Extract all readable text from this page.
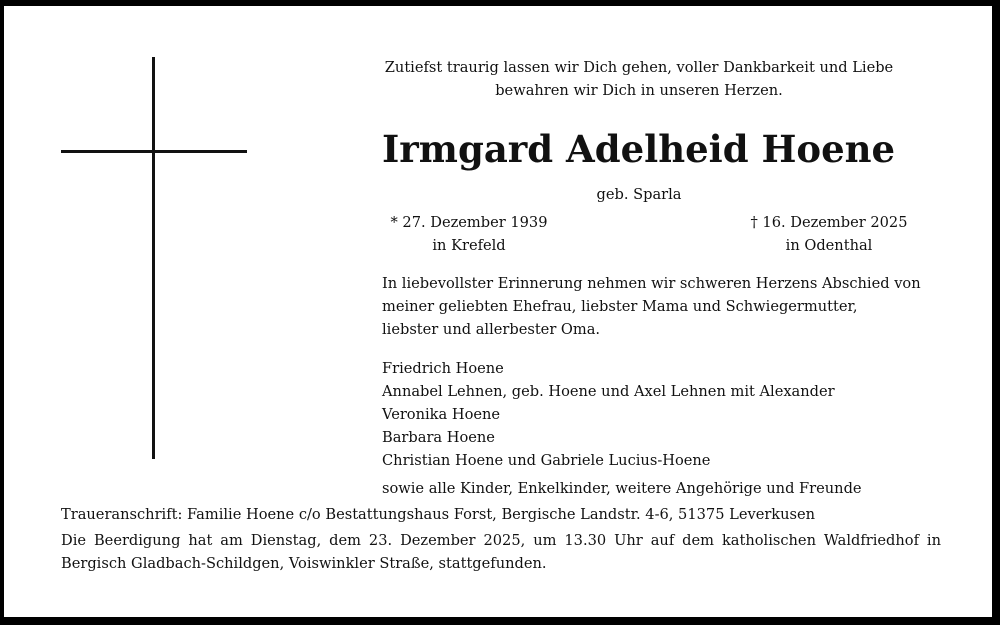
Zutiefst traurig lassen wir Dich gehen, voller Dankbarkeit und Liebe
bewahren wir Dich in unseren Herzen.
Irmgard Adelheid Hoene
geb. Sparla
* 27. Dezember 1939
in Krefeld
† 16. Dezember 2025
in Odenthal
In liebevollster Erinnerung nehmen wir schweren Herzens Abschied von
meiner geliebten Ehefrau, liebster Mama und Schwiegermutter,
liebster und allerbester Oma.
Friedrich Hoene
Annabel Lehnen, geb. Hoene und Axel Lehnen mit Alexander
Veronika Hoene
Barbara Hoene
Christian Hoene und Gabriele Lucius-Hoene
sowie alle Kinder, Enkelkinder, weitere Angehörige und Freunde
Traueranschrift: Familie Hoene c/o Bestattungshaus Forst, Bergische Landstr. 4-6, 51375 Leverkusen
Die Beerdigung hat am Dienstag, dem 23. Dezember 2025, um 13.30 Uhr auf dem katholischen Waldfriedhof in Bergisch Gladbach-Schildgen, Voiswinkler Straße, stattgefunden.
